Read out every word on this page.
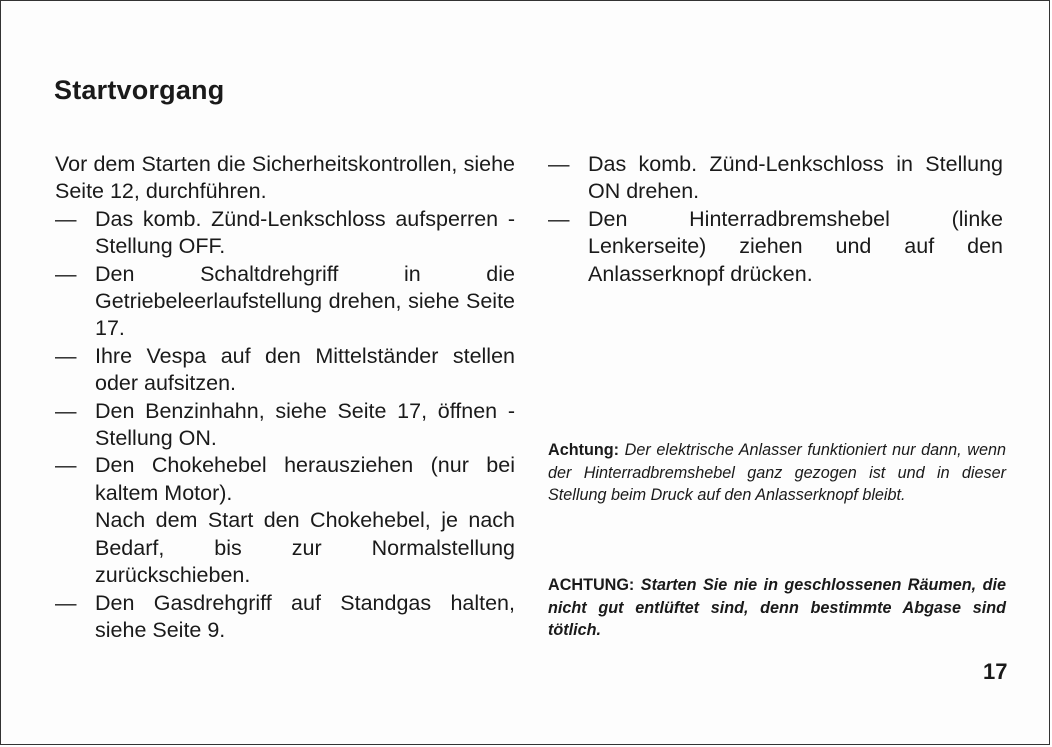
Startvorgang
Vor dem Starten die Sicherheitskontrollen, siehe Seite 12, durchführen.
— Das komb. Zünd-Lenkschloss aufsperren - Stellung OFF.
— Den Schaltdrehgriff in die Getriebeleerlaufstellung drehen, siehe Seite 17.
— Ihre Vespa auf den Mittelständer stellen oder aufsitzen.
— Den Benzinhahn, siehe Seite 17, öffnen - Stellung ON.
— Den Chokehebel herausziehen (nur bei kaltem Motor).
Nach dem Start den Chokehebel, je nach Bedarf, bis zur Normalstellung zurückschieben.
— Den Gasdrehgriff auf Standgas halten, siehe Seite 9.
— Das komb. Zünd-Lenkschloss in Stellung ON drehen.
— Den Hinterradbremshebel (linke Lenkerseite) ziehen und auf den Anlasserknopf drücken.
Achtung: Der elektrische Anlasser funktioniert nur dann, wenn der Hinterradbremshebel ganz gezogen ist und in dieser Stellung beim Druck auf den Anlasserknopf bleibt.
ACHTUNG: Starten Sie nie in geschlossenen Räumen, die nicht gut entlüftet sind, denn bestimmte Abgase sind tötlich.
17
